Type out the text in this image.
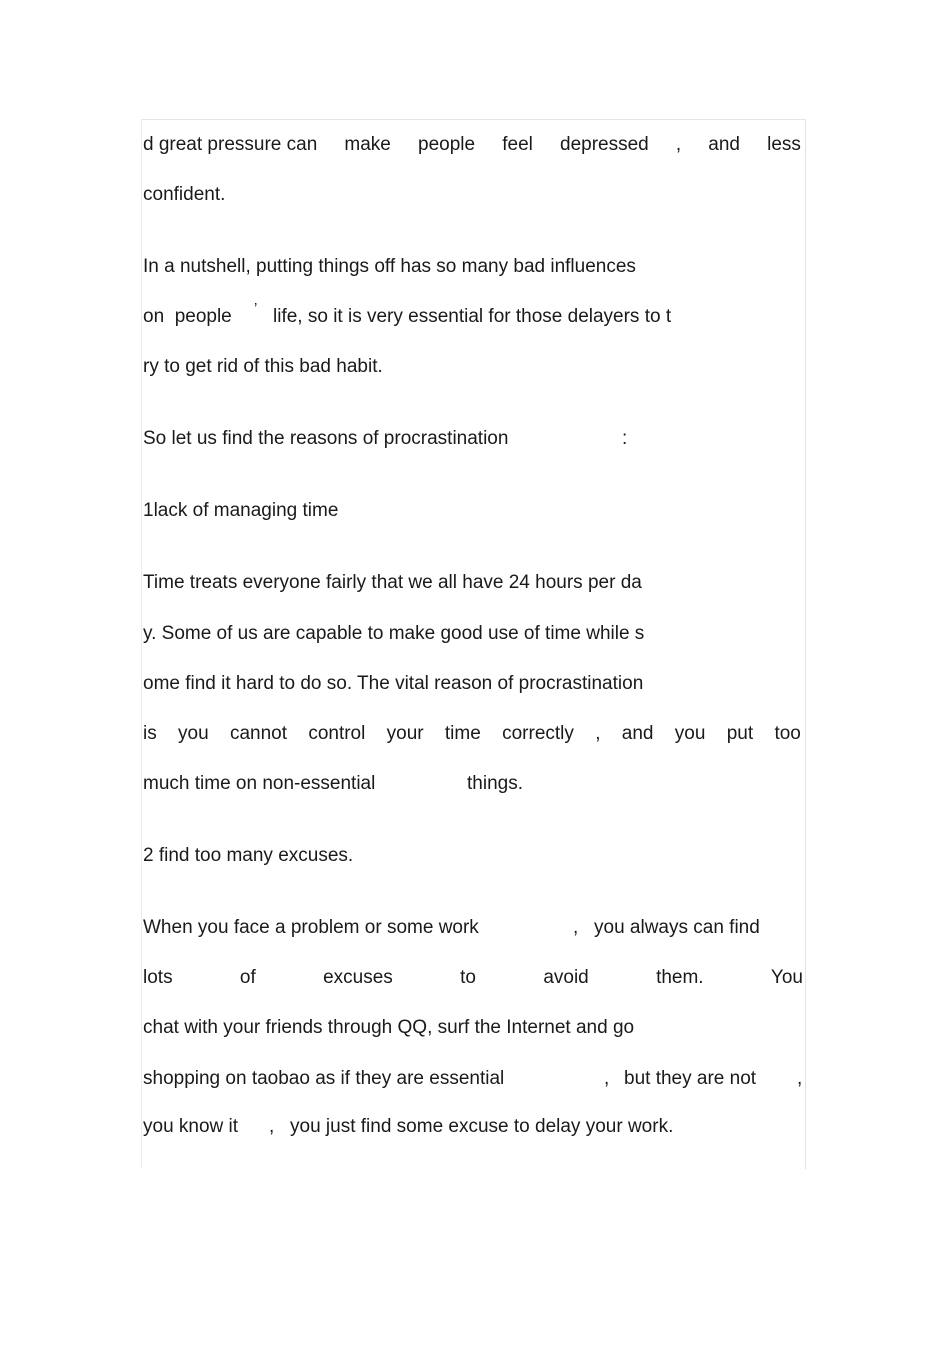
d great pressure can make people feel depressed , and less
confident.
In a nutshell, putting things off has so many bad influences
on  people ’ life, so it is very essential for those delayers to t
ry to get rid of this bad habit.
So let us find the reasons of procrastination	:
1lack of managing time
Time treats everyone fairly that we all have 24 hours per da
y. Some of us are capable to make good use of time while s
ome find it hard to do so. The vital reason of procrastination
is you cannot control your time correctly , and you put too
much time on non-essential	things.
2 find too many excuses.
When you face a problem or some work	, you always can find
lots	of	excuses	to	avoid	them.	You
chat with your friends through QQ, surf the Internet and go
shopping on taobao as if they are essential	, but they are not ,
you know it , you just find some excuse to delay your work.
